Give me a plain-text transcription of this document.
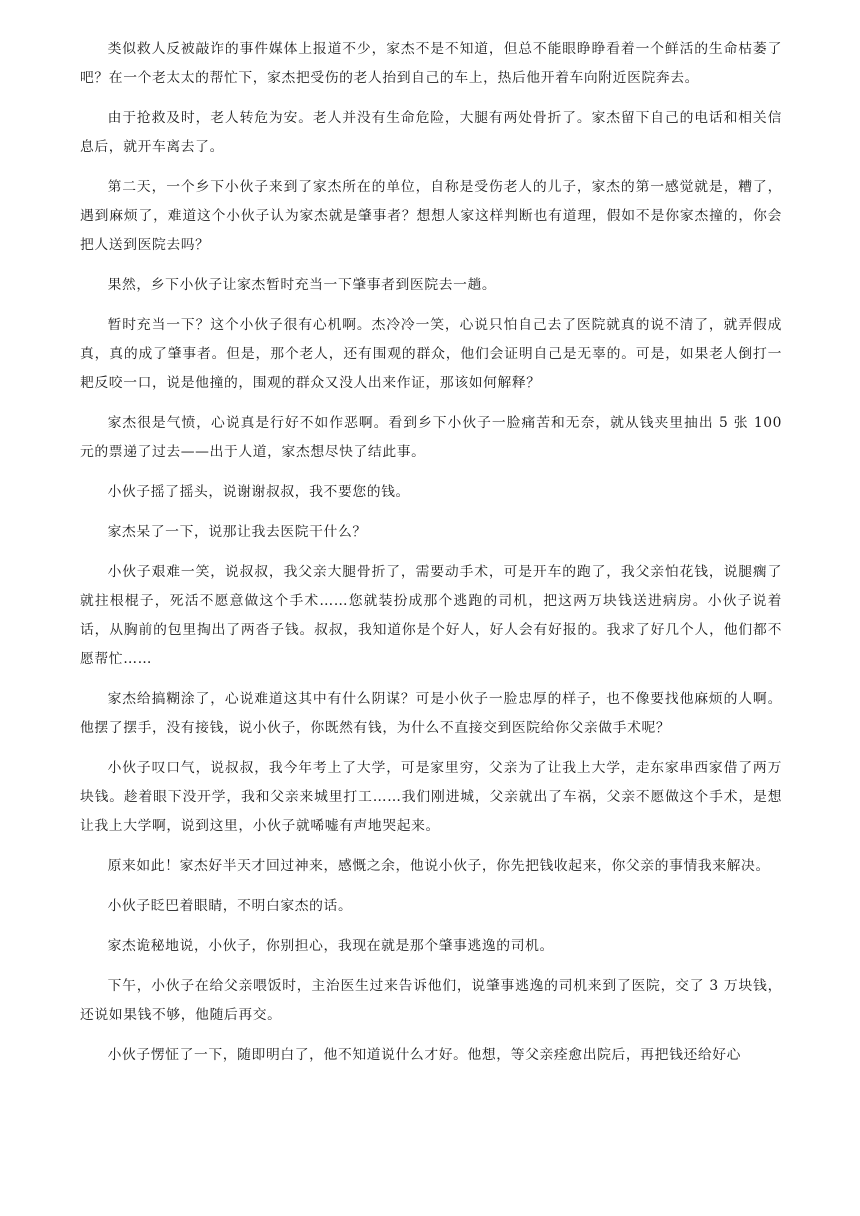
类似救人反被敲诈的事件媒体上报道不少，家杰不是不知道，但总不能眼睁睁看着一个鲜活的生命枯萎了吧？在一个老太太的帮忙下，家杰把受伤的老人抬到自己的车上，热后他开着车向附近医院奔去。

由于抢救及时，老人转危为安。老人并没有生命危险，大腿有两处骨折了。家杰留下自己的电话和相关信息后，就开车离去了。

第二天，一个乡下小伙子来到了家杰所在的单位，自称是受伤老人的儿子，家杰的第一感觉就是，糟了，遇到麻烦了，难道这个小伙子认为家杰就是肇事者？想想人家这样判断也有道理，假如不是你家杰撞的，你会把人送到医院去吗？

果然，乡下小伙子让家杰暂时充当一下肇事者到医院去一趟。

暂时充当一下？这个小伙子很有心机啊。杰冷冷一笑，心说只怕自己去了医院就真的说不清了，就弄假成真，真的成了肇事者。但是，那个老人，还有围观的群众，他们会证明自己是无辜的。可是，如果老人倒打一耙反咬一口，说是他撞的，围观的群众又没人出来作证，那该如何解释？

家杰很是气愤，心说真是行好不如作恶啊。看到乡下小伙子一脸痛苦和无奈，就从钱夹里抽出 5 张 100 元的票递了过去——出于人道，家杰想尽快了结此事。

小伙子摇了摇头，说谢谢叔叔，我不要您的钱。

家杰呆了一下，说那让我去医院干什么？

小伙子艰难一笑，说叔叔，我父亲大腿骨折了，需要动手术，可是开车的跑了，我父亲怕花钱，说腿瘸了就拄根棍子，死活不愿意做这个手术……您就装扮成那个逃跑的司机，把这两万块钱送进病房。小伙子说着话，从胸前的包里掏出了两沓子钱。叔叔，我知道你是个好人，好人会有好报的。我求了好几个人，他们都不愿帮忙……

家杰给搞糊涂了，心说难道这其中有什么阴谋？可是小伙子一脸忠厚的样子，也不像要找他麻烦的人啊。他摆了摆手，没有接钱，说小伙子，你既然有钱，为什么不直接交到医院给你父亲做手术呢？

小伙子叹口气，说叔叔，我今年考上了大学，可是家里穷，父亲为了让我上大学，走东家串西家借了两万块钱。趁着眼下没开学，我和父亲来城里打工……我们刚进城，父亲就出了车祸，父亲不愿做这个手术，是想让我上大学啊，说到这里，小伙子就唏嘘有声地哭起来。

原来如此！家杰好半天才回过神来，感慨之余，他说小伙子，你先把钱收起来，你父亲的事情我来解决。

小伙子眨巴着眼睛，不明白家杰的话。

家杰诡秘地说，小伙子，你别担心，我现在就是那个肇事逃逸的司机。

下午，小伙子在给父亲喂饭时，主治医生过来告诉他们，说肇事逃逸的司机来到了医院，交了 3 万块钱，还说如果钱不够，他随后再交。

小伙子愣怔了一下，随即明白了，他不知道说什么才好。他想，等父亲痊愈出院后，再把钱还给好心
